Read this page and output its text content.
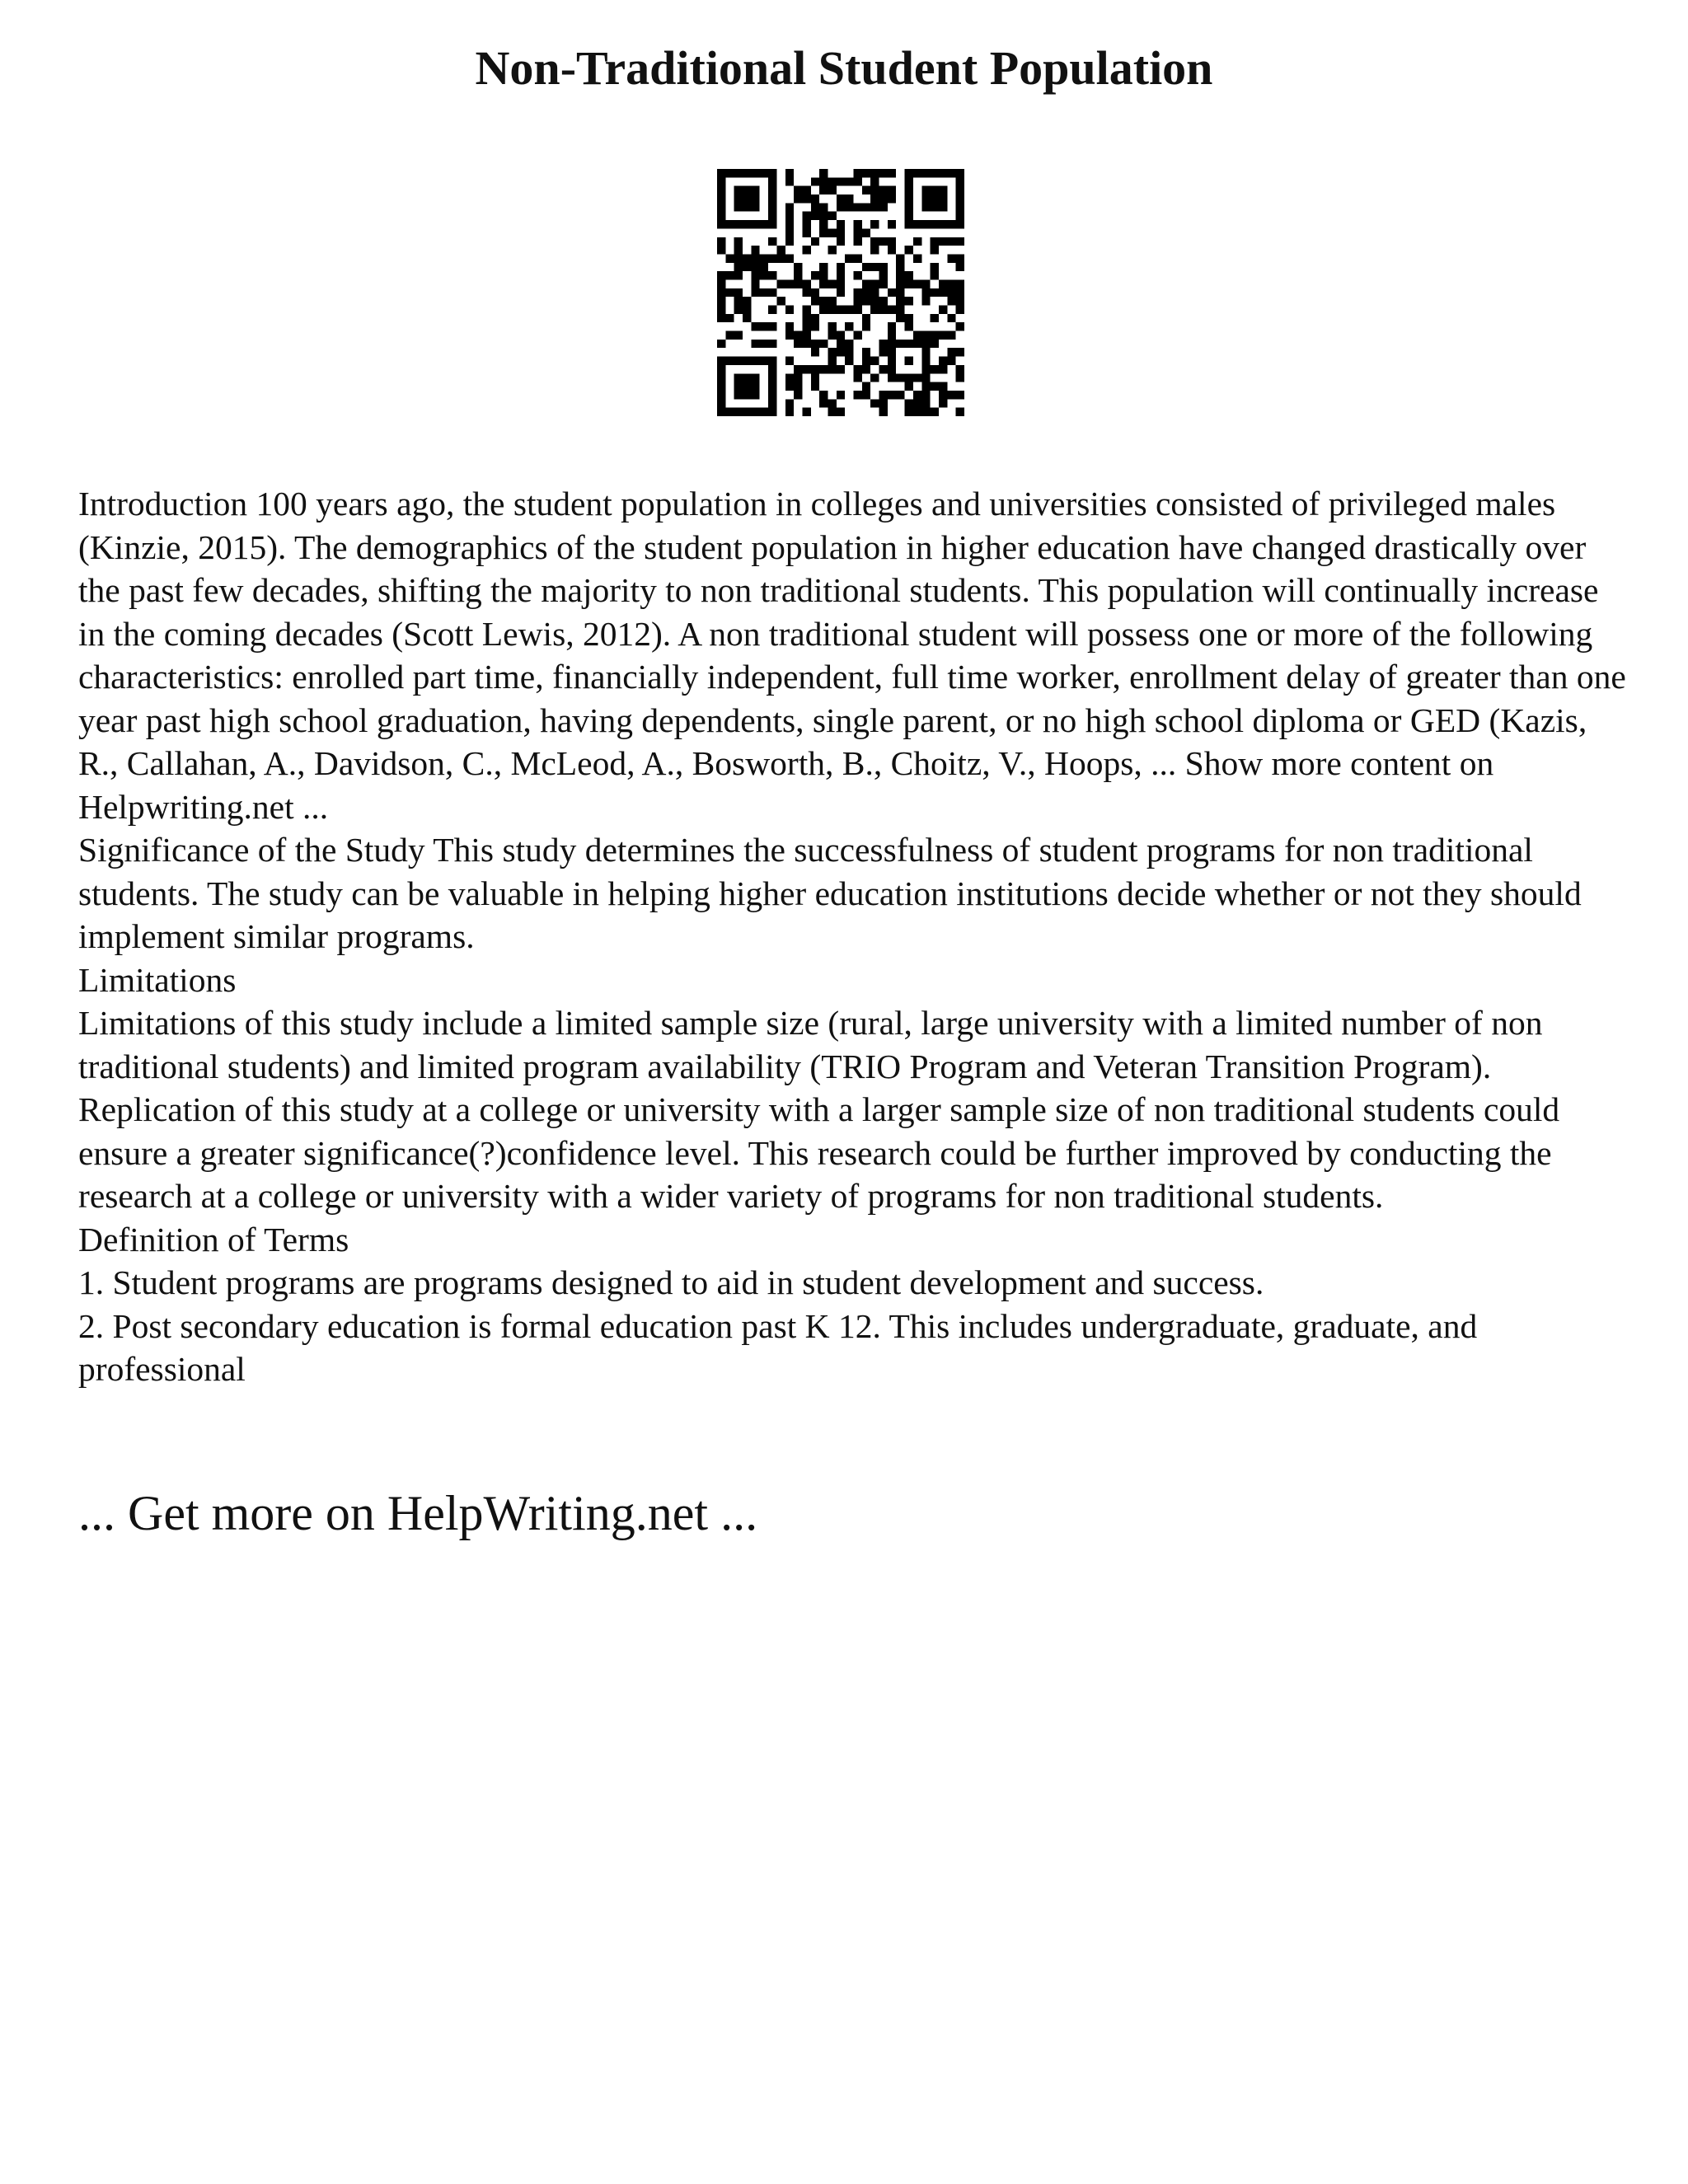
Non-Traditional Student Population

Introduction 100 years ago, the student population in colleges and universities consisted of privileged males (Kinzie, 2015). The demographics of the student population in higher education have changed drastically over the past few decades, shifting the majority to non traditional students. This population will continually increase in the coming decades (Scott Lewis, 2012). A non traditional student will possess one or more of the following characteristics: enrolled part time, financially independent, full time worker, enrollment delay of greater than one year past high school graduation, having dependents, single parent, or no high school diploma or GED (Kazis, R., Callahan, A., Davidson, C., McLeod, A., Bosworth, B., Choitz, V., Hoops, ... Show more content on Helpwriting.net ...

Significance of the Study This study determines the successfulness of student programs for non traditional students. The study can be valuable in helping higher education institutions decide whether or not they should implement similar programs.

Limitations

Limitations of this study include a limited sample size (rural, large university with a limited number of non traditional students) and limited program availability (TRIO Program and Veteran Transition Program). Replication of this study at a college or university with a larger sample size of non traditional students could ensure a greater significance(?)confidence level. This research could be further improved by conducting the research at a college or university with a wider variety of programs for non traditional students.

Definition of Terms

1. Student programs are programs designed to aid in student development and success.

2. Post secondary education is formal education past K 12. This includes undergraduate, graduate, and professional

... Get more on HelpWriting.net ...
